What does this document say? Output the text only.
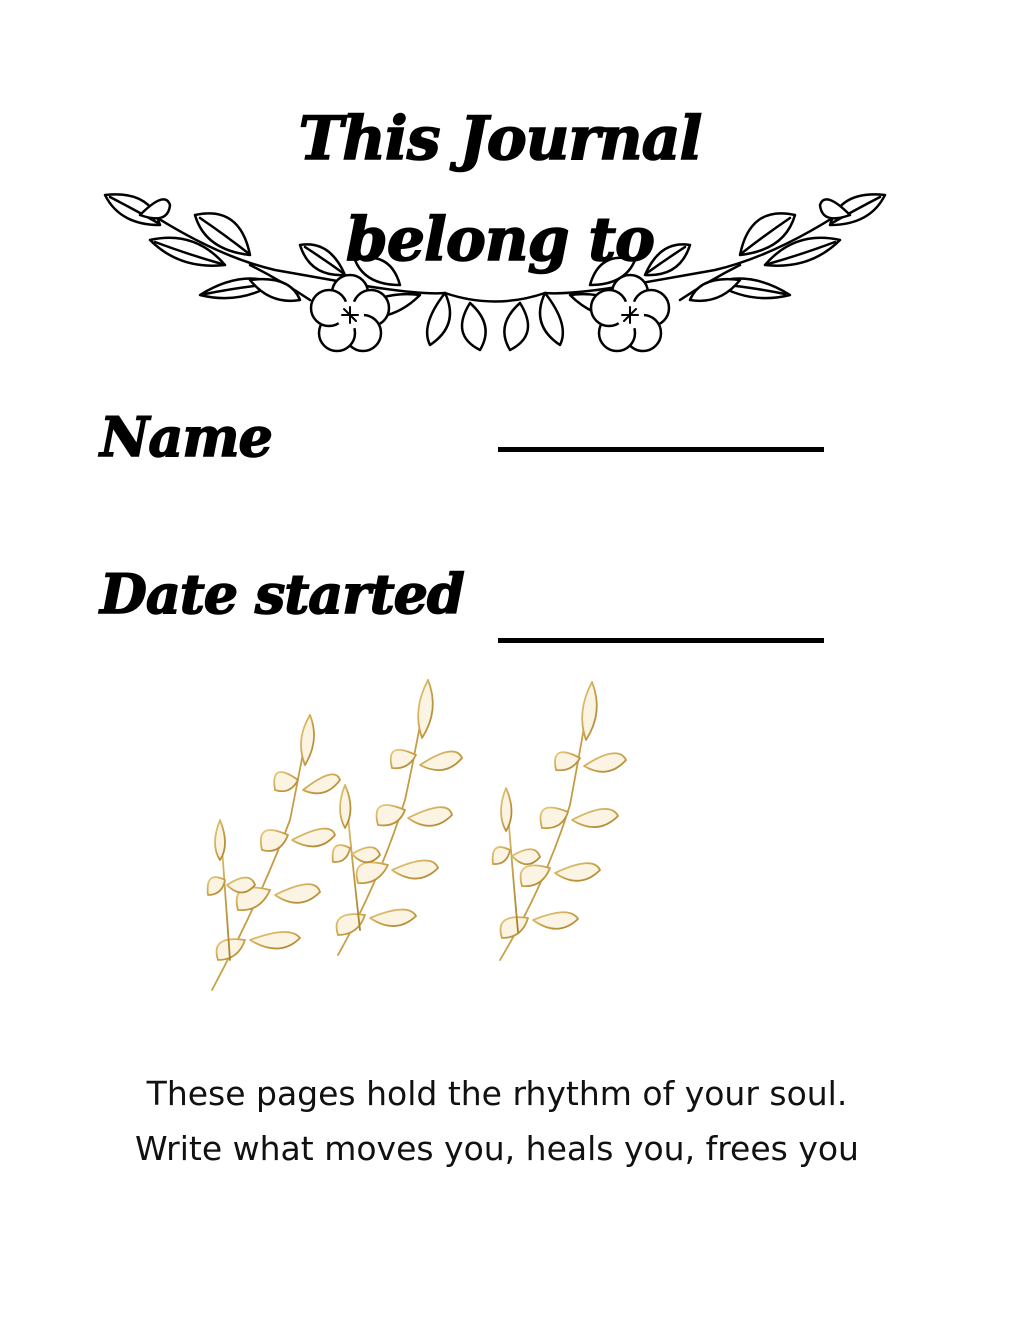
This Journal
belong to
Name
Date started
These pages hold the rhythm of your soul. Write what moves you, heals you, frees you
